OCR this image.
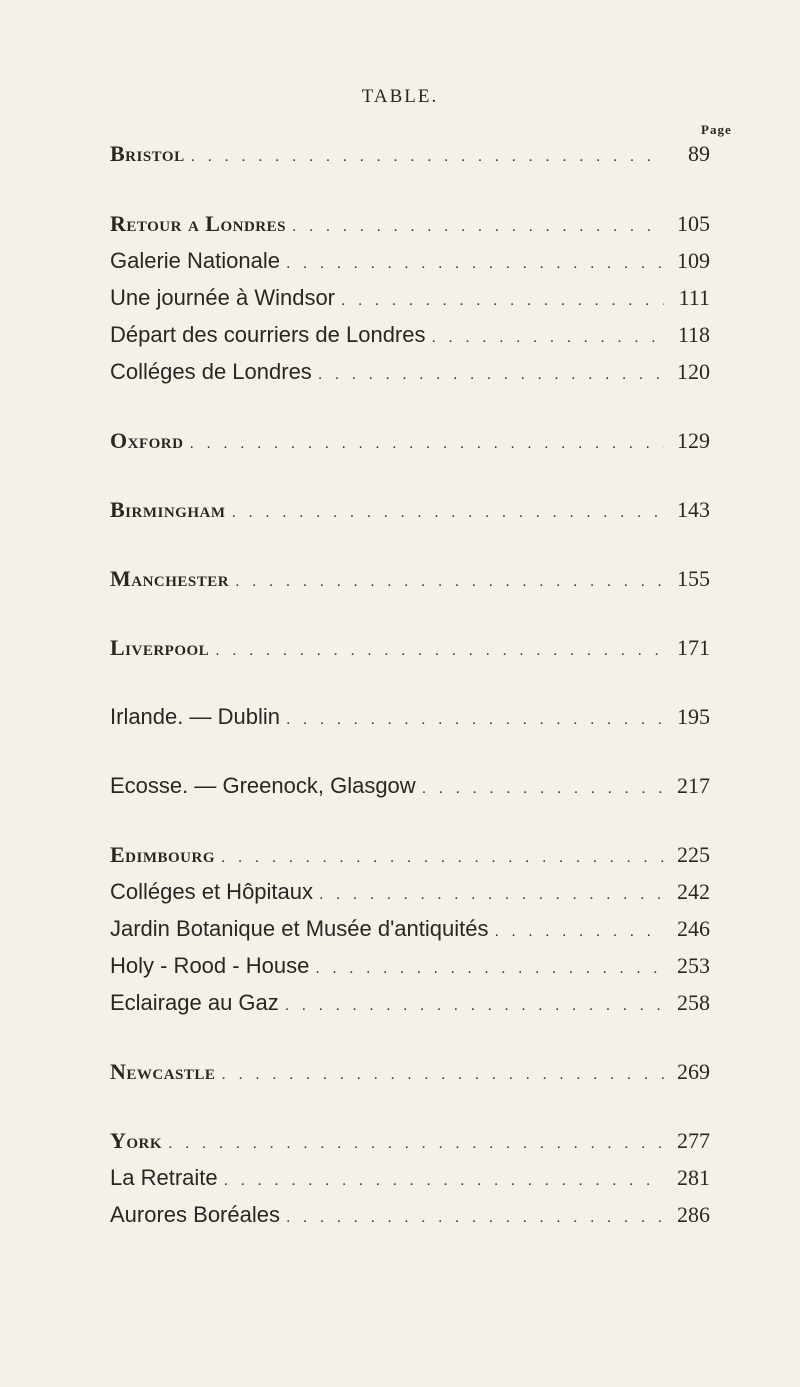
TABLE.
Page
Bristol . . .	89
Retour a Londres . . .	105
Galerie Nationale . . .	109
Une journée à Windsor . . .	111
Départ des courriers de Londres . . .	118
Colléges de Londres . . .	120
Oxford . . .	129
Birmingham . . .	143
Manchester . . .	155
Liverpool . . .	171
Irlande. — Dublin . . .	195
Ecosse. — Greenock, Glasgow . . .	217
Edimbourg . . .	225
Colléges et Hôpitaux . . .	242
Jardin Botanique et Musée d'antiquités . . .	246
Holy - Rood - House . . .	253
Eclairage au Gaz . . .	258
Newcastle . . .	269
York . . .	277
La Retraite . . .	281
Aurores Boréales . . .	286
